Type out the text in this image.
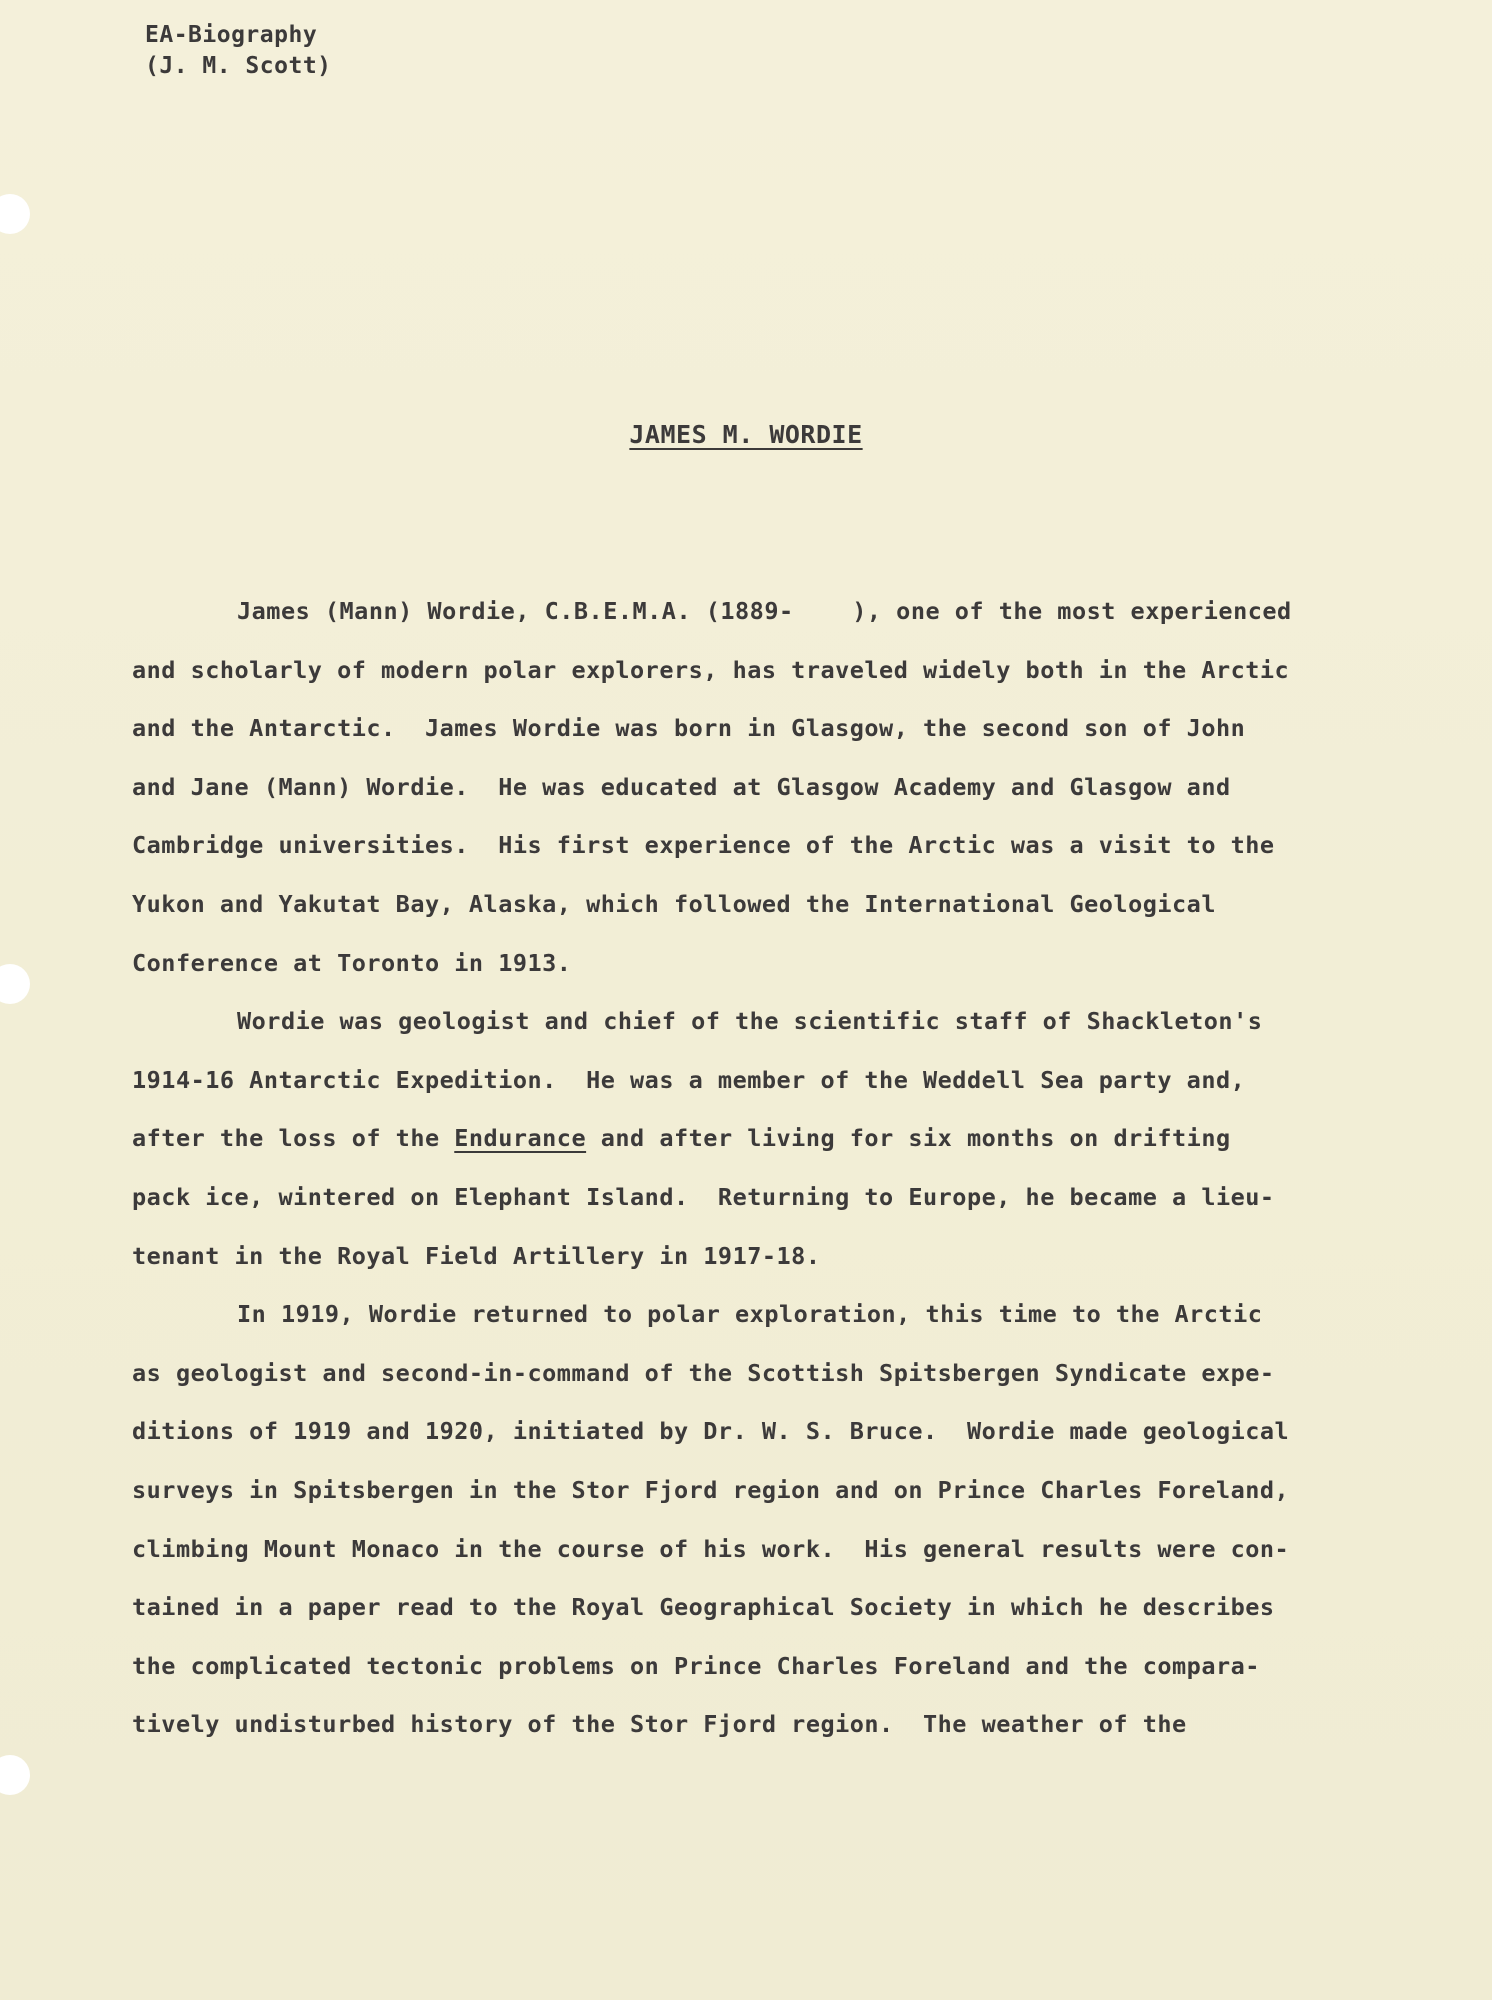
EA-Biography
(J. M. Scott)
JAMES M. WORDIE
James (Mann) Wordie, C.B.E.M.A. (1889-    ), one of the most experienced
and scholarly of modern polar explorers, has traveled widely both in the Arctic
and the Antarctic.  James Wordie was born in Glasgow, the second son of John
and Jane (Mann) Wordie.  He was educated at Glasgow Academy and Glasgow and
Cambridge universities.  His first experience of the Arctic was a visit to the
Yukon and Yakutat Bay, Alaska, which followed the International Geological
Conference at Toronto in 1913.
Wordie was geologist and chief of the scientific staff of Shackleton's
1914-16 Antarctic Expedition.  He was a member of the Weddell Sea party and,
after the loss of the Endurance and after living for six months on drifting
pack ice, wintered on Elephant Island.  Returning to Europe, he became a lieu-
tenant in the Royal Field Artillery in 1917-18.
In 1919, Wordie returned to polar exploration, this time to the Arctic
as geologist and second-in-command of the Scottish Spitsbergen Syndicate expe-
ditions of 1919 and 1920, initiated by Dr. W. S. Bruce.  Wordie made geological
surveys in Spitsbergen in the Stor Fjord region and on Prince Charles Foreland,
climbing Mount Monaco in the course of his work.  His general results were con-
tained in a paper read to the Royal Geographical Society in which he describes
the complicated tectonic problems on Prince Charles Foreland and the compara-
tively undisturbed history of the Stor Fjord region.  The weather of the
